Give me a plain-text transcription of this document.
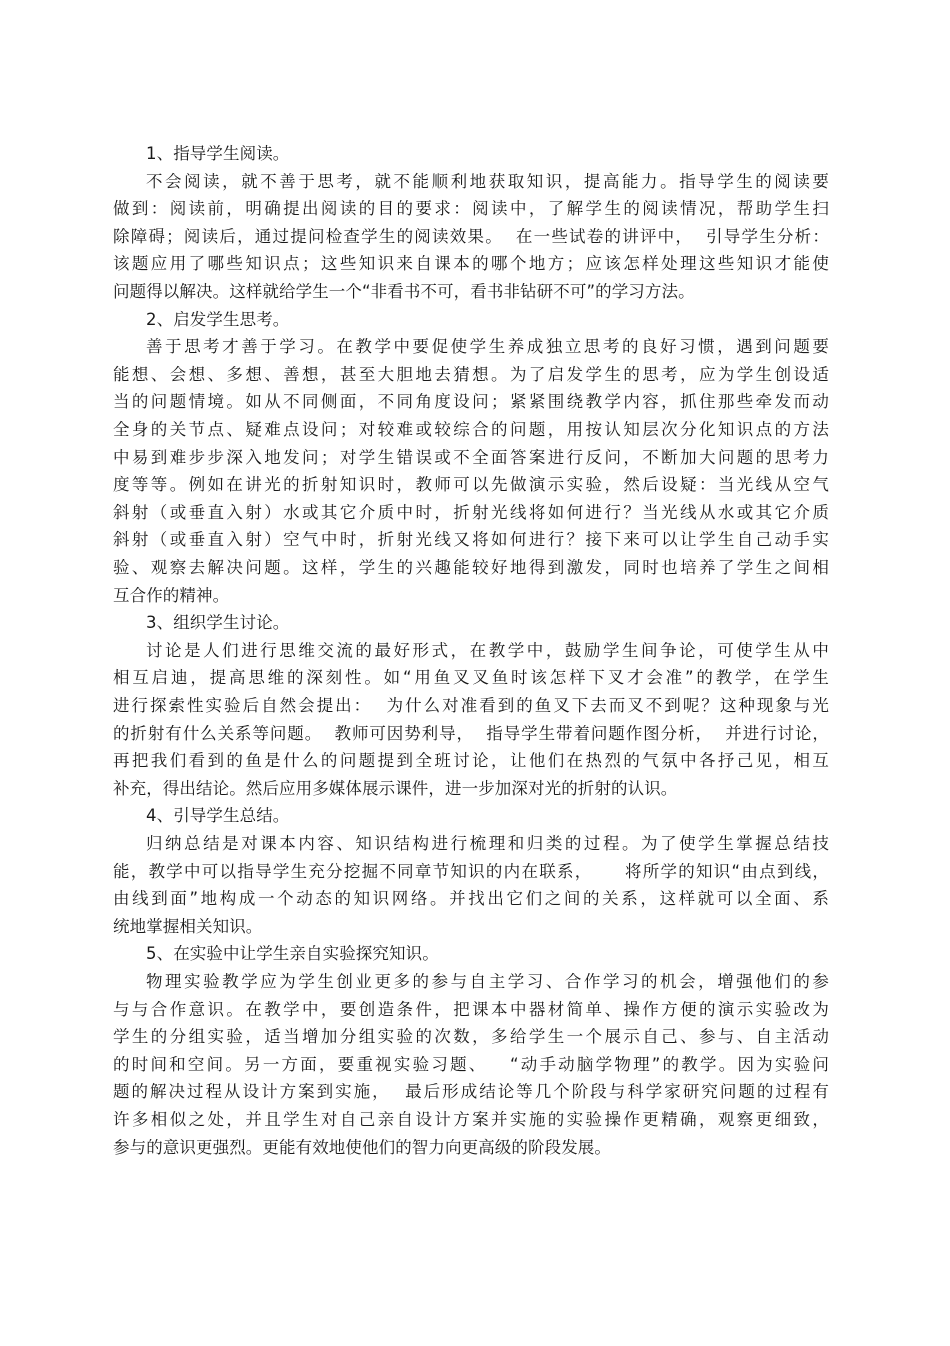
1、指导学生阅读。
不会阅读，就不善于思考，就不能顺利地获取知识，提高能力。指导学生的阅读要
做到：阅读前，明确提出阅读的目的要求：阅读中，了解学生的阅读情况，帮助学生扫
除障碍；阅读后，通过提问检查学生的阅读效果。  在一些试卷的讲评中，  引导学生分析：
该题应用了哪些知识点；这些知识来自课本的哪个地方；应该怎样处理这些知识才能使
问题得以解决。这样就给学生一个“非看书不可，看书非钻研不可”的学习方法。
2、启发学生思考。
善于思考才善于学习。在教学中要促使学生养成独立思考的良好习惯，遇到问题要
能想、会想、多想、善想，甚至大胆地去猜想。为了启发学生的思考，应为学生创设适
当的问题情境。如从不同侧面，不同角度设问；紧紧围绕教学内容，抓住那些牵发而动
全身的关节点、疑难点设问；对较难或较综合的问题，用按认知层次分化知识点的方法
中易到难步步深入地发问；对学生错误或不全面答案进行反问，不断加大问题的思考力
度等等。例如在讲光的折射知识时，教师可以先做演示实验，然后设疑：当光线从空气
斜射（或垂直入射）水或其它介质中时，折射光线将如何进行？当光线从水或其它介质
斜射（或垂直入射）空气中时，折射光线又将如何进行？接下来可以让学生自己动手实
验、观察去解决问题。这样，学生的兴趣能较好地得到激发，同时也培养了学生之间相
互合作的精神。
3、组织学生讨论。
讨论是人们进行思维交流的最好形式，在教学中，鼓励学生间争论，可使学生从中
相互启迪，提高思维的深刻性。如“用鱼叉叉鱼时该怎样下叉才会准”的教学，在学生
进行探索性实验后自然会提出：  为什么对准看到的鱼叉下去而叉不到呢？这种现象与光
的折射有什么关系等问题。  教师可因势利导，  指导学生带着问题作图分析，  并进行讨论，
再把我们看到的鱼是什么的问题提到全班讨论，让他们在热烈的气氛中各抒己见，相互
补充，得出结论。然后应用多媒体展示课件，进一步加深对光的折射的认识。
4、引导学生总结。
归纳总结是对课本内容、知识结构进行梳理和归类的过程。为了使学生掌握总结技
能，教学中可以指导学生充分挖掘不同章节知识的内在联系，     将所学的知识“由点到线，
由线到面”地构成一个动态的知识网络。并找出它们之间的关系，这样就可以全面、系
统地掌握相关知识。
5、在实验中让学生亲自实验探究知识。
物理实验教学应为学生创业更多的参与自主学习、合作学习的机会，增强他们的参
与与合作意识。在教学中，要创造条件，把课本中器材简单、操作方便的演示实验改为
学生的分组实验，适当增加分组实验的次数，多给学生一个展示自己、参与、自主活动
的时间和空间。另一方面，要重视实验习题、   “动手动脑学物理”的教学。因为实验问
题的解决过程从设计方案到实施，  最后形成结论等几个阶段与科学家研究问题的过程有
许多相似之处，并且学生对自己亲自设计方案并实施的实验操作更精确，观察更细致，
参与的意识更强烈。更能有效地使他们的智力向更高级的阶段发展。
